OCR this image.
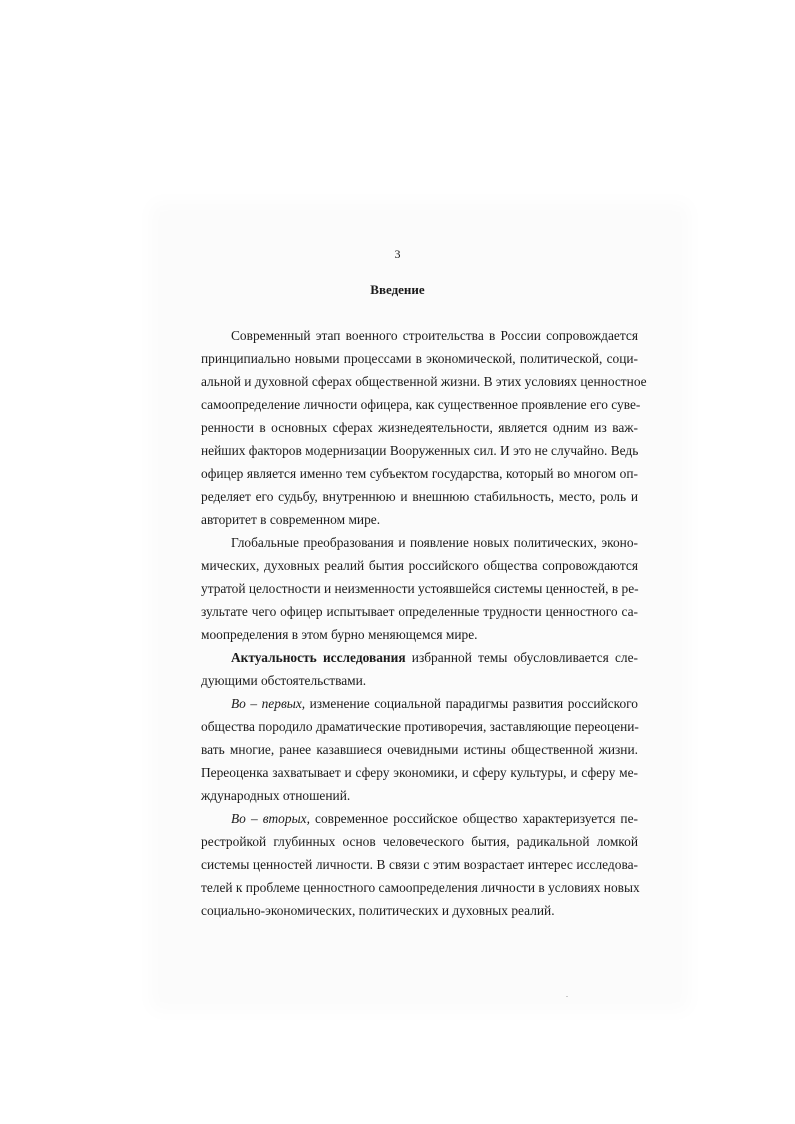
3
Введение
Современный этап военного строительства в России сопровождается
принципиально новыми процессами в экономической, политической, соци-
альной и духовной сферах общественной жизни. В этих условиях ценностное
самоопределение личности офицера, как существенное проявление его суве-
ренности в основных сферах жизнедеятельности, является одним из важ-
нейших факторов модернизации Вооруженных сил. И это не случайно. Ведь
офицер является именно тем субъектом государства, который во многом оп-
ределяет его судьбу, внутреннюю и внешнюю стабильность, место, роль и
авторитет в современном мире.
Глобальные преобразования и появление новых политических, эконо-
мических, духовных реалий бытия российского общества сопровождаются
утратой целостности и неизменности устоявшейся системы ценностей, в ре-
зультате чего офицер испытывает определенные трудности ценностного са-
моопределения в этом бурно меняющемся мире.
Актуальность исследования избранной темы обусловливается сле-
дующими обстоятельствами.
Во – первых, изменение социальной парадигмы развития российского
общества породило драматические противоречия, заставляющие переоцени-
вать многие, ранее казавшиеся очевидными истины общественной жизни.
Переоценка захватывает и сферу экономики, и сферу культуры, и сферу ме-
ждународных отношений.
Во – вторых, современное российское общество характеризуется пе-
рестройкой глубинных основ человеческого бытия, радикальной ломкой
системы ценностей личности. В связи с этим возрастает интерес исследова-
телей к проблеме ценностного самоопределения личности в условиях новых
социально-экономических, политических и духовных реалий.
